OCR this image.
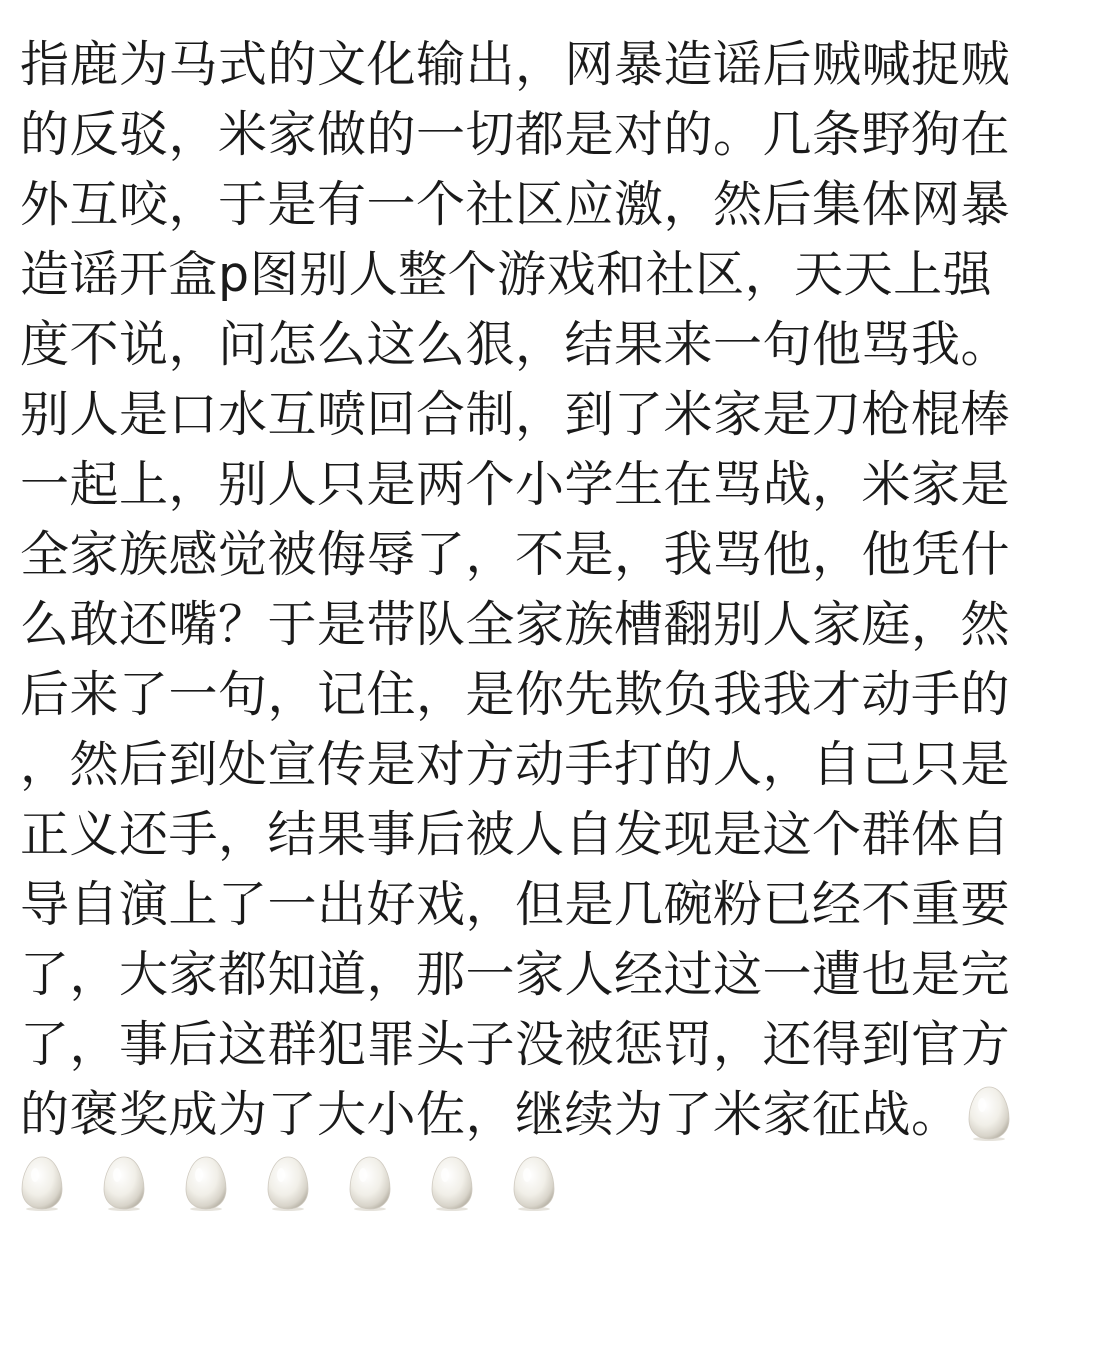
指鹿为马式的文化输出，网暴造谣后贼喊捉贼
的反驳，米家做的一切都是对的。几条野狗在
外互咬，于是有一个社区应激，然后集体网暴
造谣开盒p图别人整个游戏和社区，天天上强
度不说，问怎么这么狠，结果来一句他骂我。
别人是口水互喷回合制，到了米家是刀枪棍棒
一起上，别人只是两个小学生在骂战，米家是
全家族感觉被侮辱了，不是，我骂他，他凭什
么敢还嘴？于是带队全家族槽翻别人家庭，然
后来了一句，记住，是你先欺负我我才动手的
，然后到处宣传是对方动手打的人，自己只是
正义还手，结果事后被人自发现是这个群体自
导自演上了一出好戏，但是几碗粉已经不重要
了，大家都知道，那一家人经过这一遭也是完
了，事后这群犯罪头子没被惩罚，还得到官方
的褒奖成为了大小佐，继续为了米家征战。
